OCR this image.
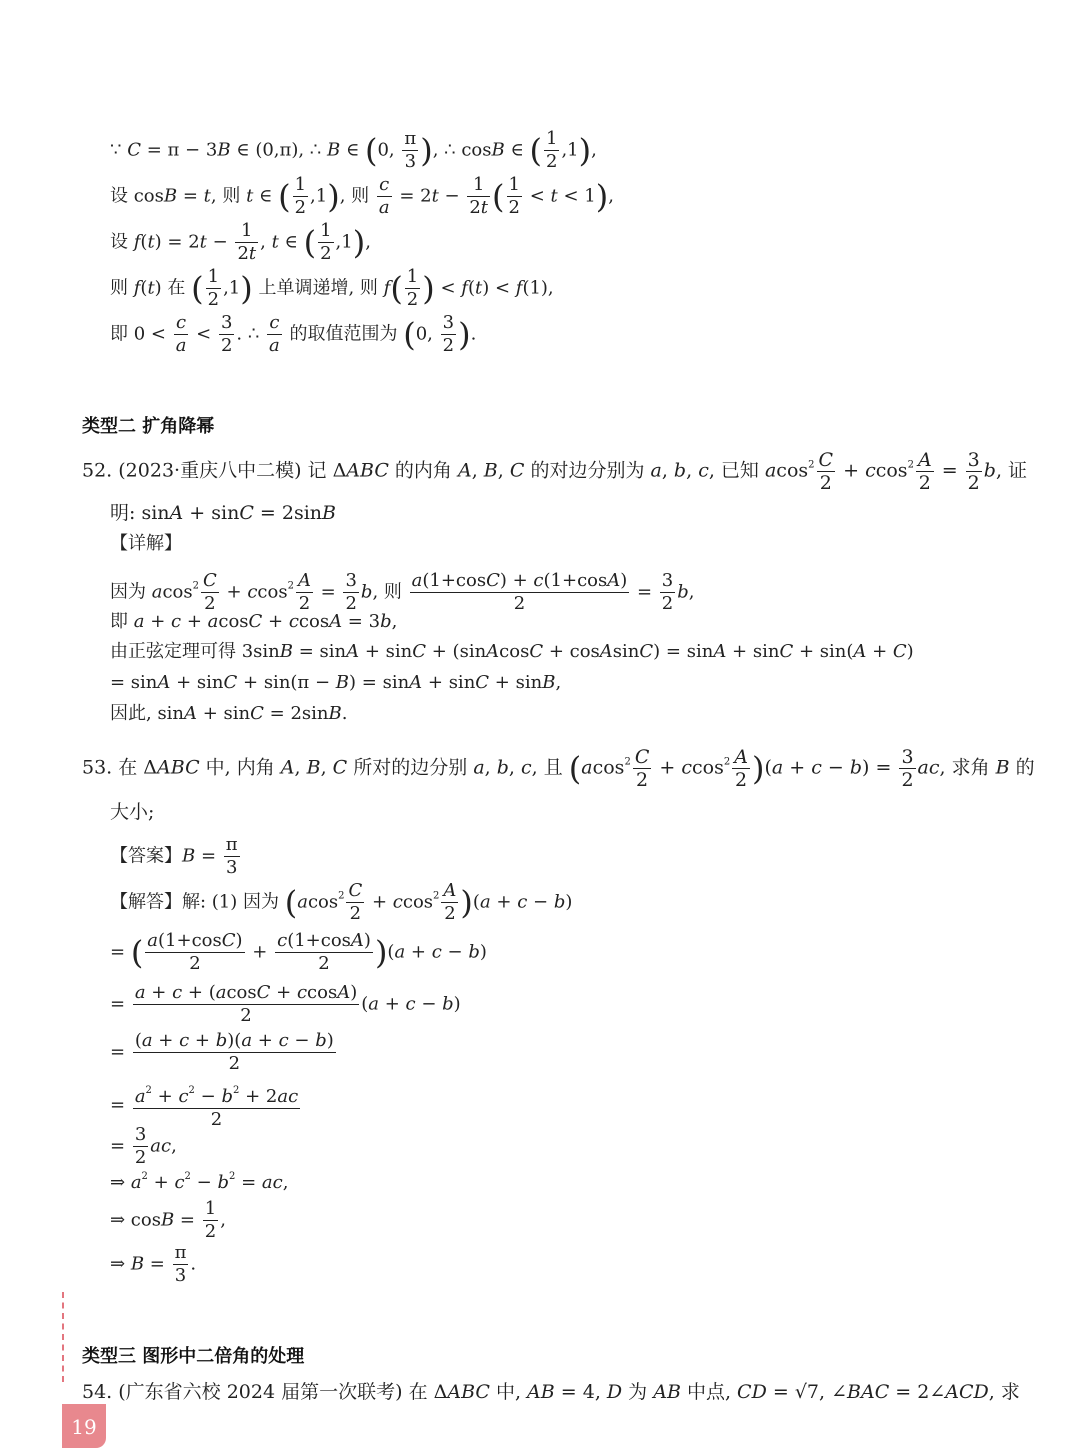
∵ C = π − 3B ∈ (0,π), ∴ B ∈ (0, $\frac{\pi}{3}$ ), ∴ cosB ∈ ( $\frac{1}{2} ,1$),
设 cosB = t, 则 t ∈ ( $\frac{1}{2} ,1$), 则 $\frac{c}{a} = 2t - \frac{1}{2t}$ ( $\frac{1}{2} < t < 1$),
设 $f(t) = 2t - \frac{1}{2t}$ , t ∈ ( $\frac{1}{2} ,1$),
则 f(t) 在 ( $\frac{1}{2} ,1$) 上单调递增, 则 $f( \frac{1}{2}$ ) < f(t) < f(1),
即 $0 < \frac{c}{a} < \frac{3}{2}$ . ∴ $\frac{c}{a}$ 的取值范围为 (0, $\frac{3}{2}$ ).
类型二 扩角降幂
52. (2023·重庆八中二模) 记 ΔABC 的内角 A, B, C 的对边分别为 a, b, c, 已知 $acos^2 \frac{C}{2} + ccos^2 \frac{A}{2} = \frac{3}{2} b$, 证
明: sinA + sinC = 2sinB
【详解】
因为 $acos^2 \frac{C}{2} + ccos^2 \frac{A}{2} = \frac{3}{2} b$, 则 $\frac{a(1+\cos C) + c(1+\cos A)}{2} = \frac{3}{2} b$,
即 a + c + acosC + ccosA = 3b,
由正弦定理可得 3sinB = sinA + sinC + (sinAcosC + cosAsinC) = sinA + sinC + sin(A + C)
= sinA + sinC + sin(π − B) = sinA + sinC + sinB,
因此, sinA + sinC = 2sinB.
53. 在 ΔABC 中, 内角 A, B, C 所对的边分别 a, b, c, 且 $(acos^2 \frac{C}{2} + ccos^2 \frac{A}{2} )(a + c - b) = \frac{3}{2}$ ac, 求角 B 的
大小;
【答案】$B = \frac{\pi}{3}$
【解答】解: (1) 因为 $(acos^2 \frac{C}{2} + ccos^2 \frac{A}{2} )(a + c - b)$
= ( $\frac{a(1+\cos C)}{2} + \frac{c(1+\cos A)}{2} )(a + c - b)$
= $\frac{a + c + (acosC + ccosA)}{2} (a + c - b)$
= $\frac{(a + c + b)(a + c - b)}{2}$
= $\frac{a^2 + c^2 - b^2 + 2ac}{2}$
= $\frac{3}{2}$ ac,
⇒ $a^2 + c^2 - b^2$ = ac,
⇒ $\cos B = \frac{1}{2}$ ,
⇒ $B = \frac{\pi}{3}$ .
类型三 图形中二倍角的处理
54. (广东省六校 2024 届第一次联考) 在 ΔABC 中, AB = 4, D 为 AB 中点, CD = √7, ∠BAC = 2∠ACD, 求
19
